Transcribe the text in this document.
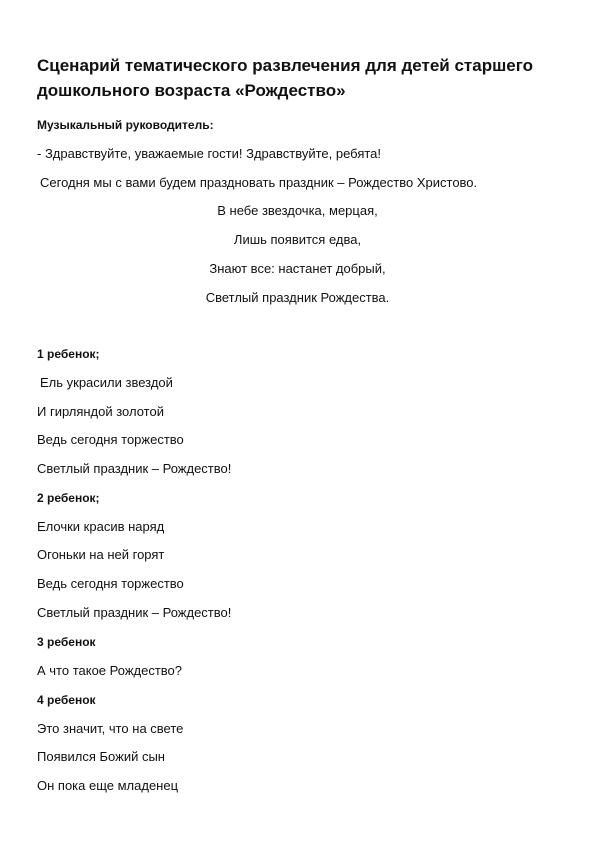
Сценарий тематического развлечения для детей старшего дошкольного возраста «Рождество»
Музыкальный руководитель:
- Здравствуйте, уважаемые гости! Здравствуйте, ребята!
Сегодня мы с вами будем праздновать праздник – Рождество Христово.
В небе звездочка, мерцая,
Лишь появится едва,
Знают все: настанет добрый,
Светлый праздник Рождества.
1 ребенок;
Ель украсили звездой
И гирляндой золотой
Ведь сегодня торжество
Светлый праздник – Рождество!
2 ребенок;
Елочки красив наряд
Огоньки на ней горят
Ведь сегодня торжество
Светлый праздник – Рождество!
3 ребенок
А что такое Рождество?
4 ребенок
Это значит, что на свете
Появился Божий сын
Он пока еще младенец
